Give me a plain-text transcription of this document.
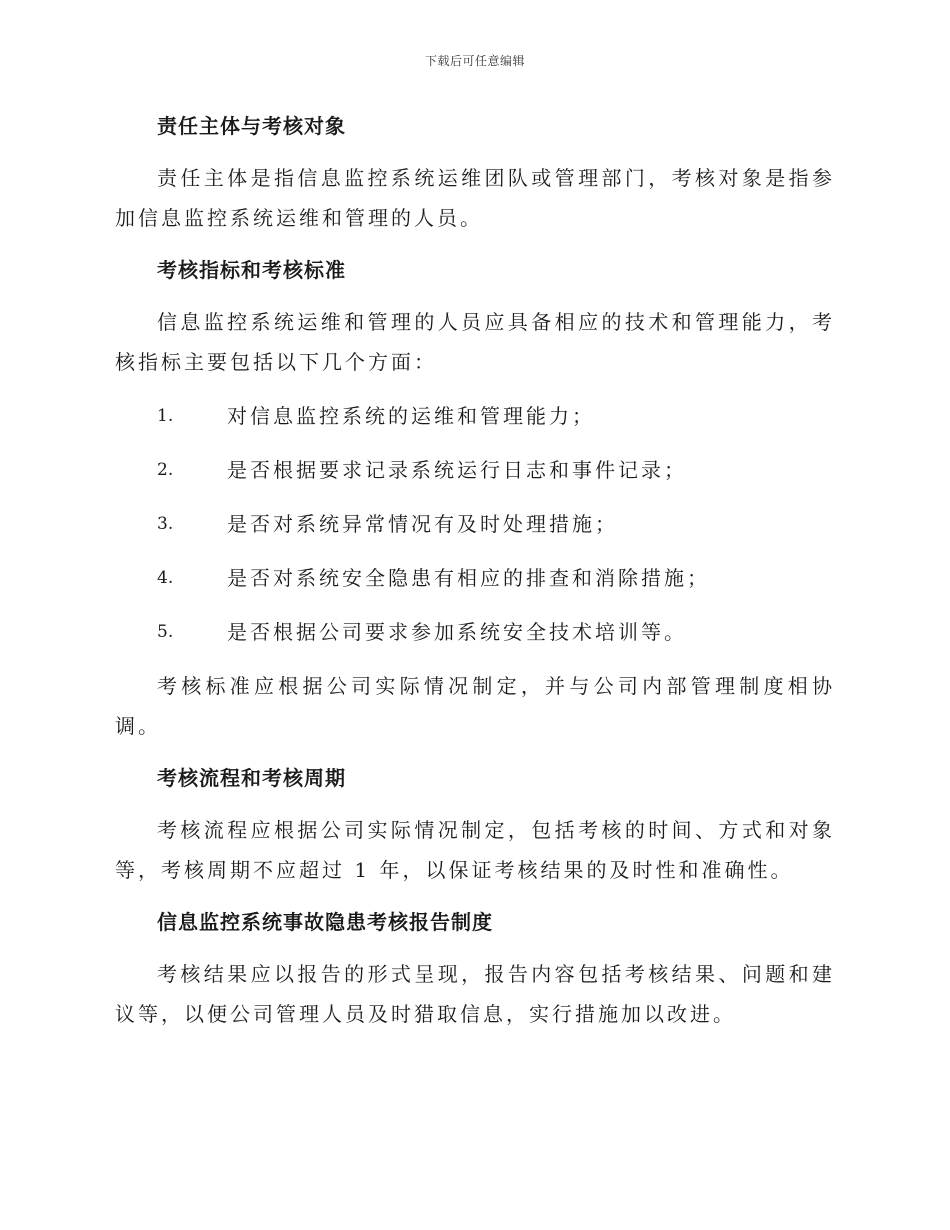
下载后可任意编辑
责任主体与考核对象

责任主体是指信息监控系统运维团队或管理部门，考核对象是指参加信息监控系统运维和管理的人员。

考核指标和考核标准

信息监控系统运维和管理的人员应具备相应的技术和管理能力，考核指标主要包括以下几个方面：

1.	对信息监控系统的运维和管理能力；
2.	是否根据要求记录系统运行日志和事件记录；
3.	是否对系统异常情况有及时处理措施；
4.	是否对系统安全隐患有相应的排查和消除措施；
5.	是否根据公司要求参加系统安全技术培训等。

考核标准应根据公司实际情况制定，并与公司内部管理制度相协调。

考核流程和考核周期

考核流程应根据公司实际情况制定，包括考核的时间、方式和对象等，考核周期不应超过 1 年，以保证考核结果的及时性和准确性。

信息监控系统事故隐患考核报告制度

考核结果应以报告的形式呈现，报告内容包括考核结果、问题和建议等，以便公司管理人员及时猎取信息，实行措施加以改进。
